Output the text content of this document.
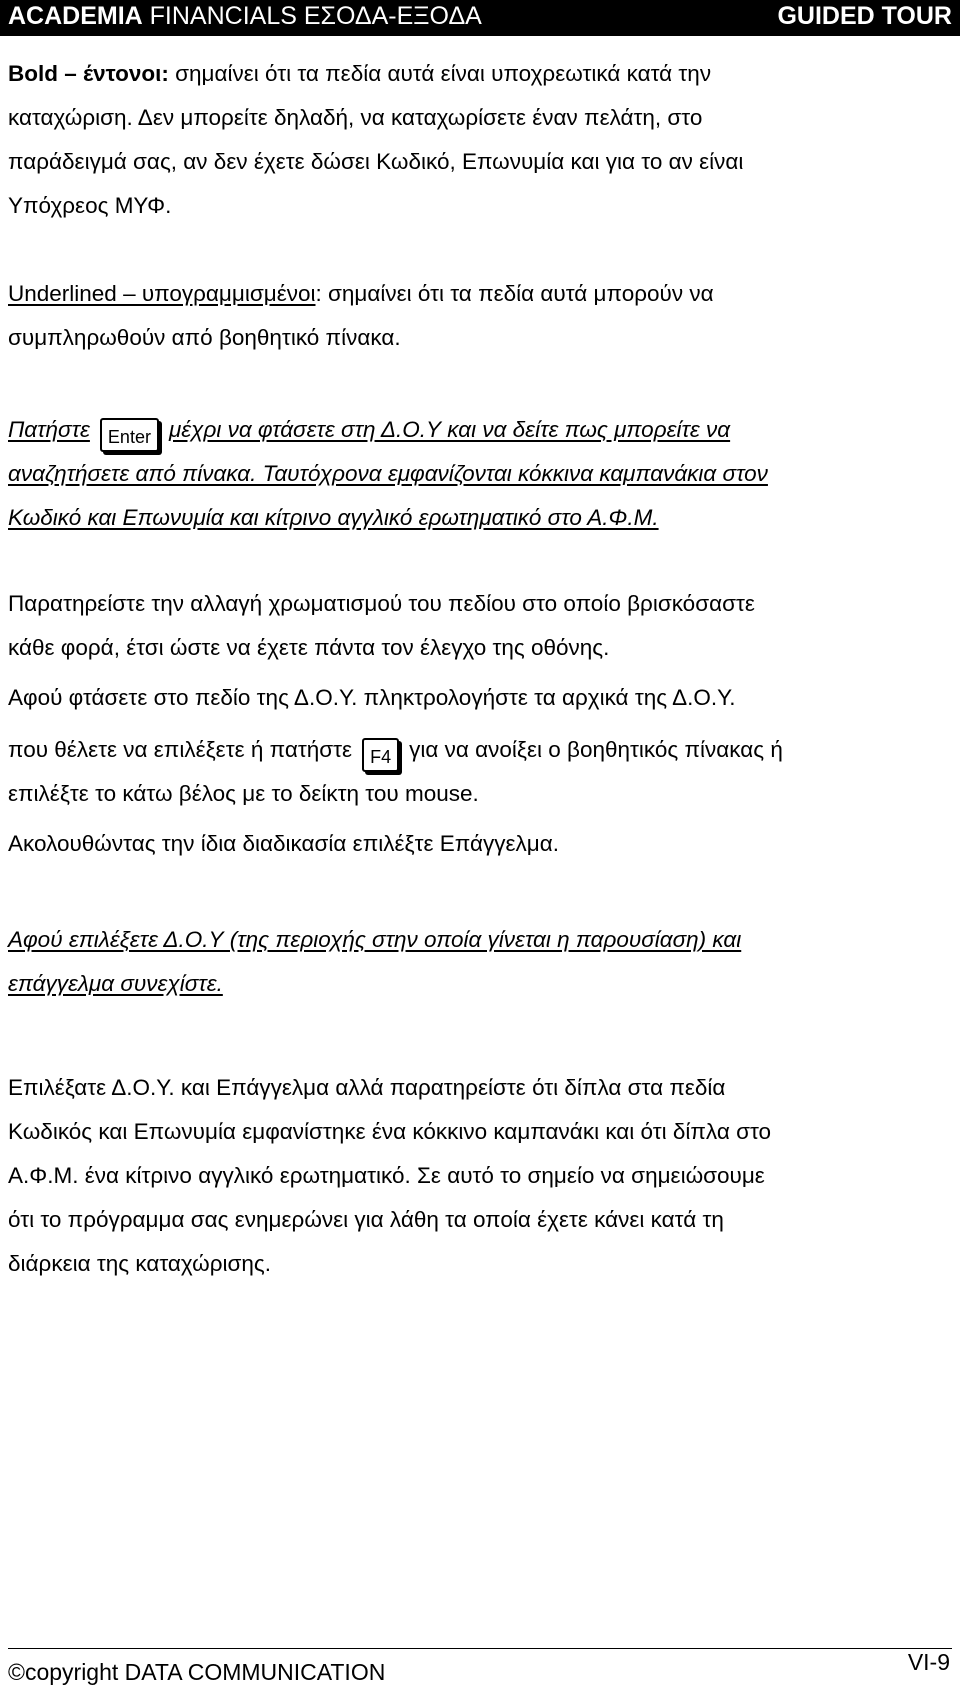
ACADEMIA FINANCIALS ΕΣΟΔΑ-ΕΞΟΔΑ	GUIDED TOUR
Bold – έντονοι: σημαίνει ότι τα πεδία αυτά είναι υποχρεωτικά κατά την
καταχώριση. Δεν μπορείτε δηλαδή, να καταχωρίσετε έναν πελάτη, στο
παράδειγμά σας, αν δεν έχετε δώσει Κωδικό, Επωνυμία και για το αν είναι
Υπόχρεος ΜΥΦ.
Underlined – υπογραμμισμένοι: σημαίνει ότι τα πεδία αυτά μπορούν να
συμπληρωθούν από βοηθητικό πίνακα.
Πατήστε Enter μέχρι να φτάσετε στη Δ.Ο.Υ και να δείτε πως μπορείτε να
αναζητήσετε από πίνακα. Ταυτόχρονα εμφανίζονται κόκκινα καμπανάκια στον
Κωδικό και Επωνυμία και κίτρινο αγγλικό ερωτηματικό στο Α.Φ.Μ.
Παρατηρείστε την αλλαγή χρωματισμού του πεδίου στο οποίο βρισκόσαστε
κάθε φορά, έτσι ώστε να έχετε πάντα τον έλεγχο της οθόνης.
Αφού φτάσετε στο πεδίο της Δ.Ο.Υ. πληκτρολογήστε τα αρχικά της Δ.Ο.Υ.
που θέλετε να επιλέξετε ή πατήστε F4 για να ανοίξει ο βοηθητικός πίνακας ή
επιλέξτε το κάτω βέλος με το δείκτη του mouse.
Ακολουθώντας την ίδια διαδικασία επιλέξτε Επάγγελμα.
Αφού επιλέξετε Δ.Ο.Υ (της περιοχής στην οποία γίνεται η παρουσίαση) και
επάγγελμα συνεχίστε.
Επιλέξατε Δ.Ο.Υ. και Επάγγελμα αλλά παρατηρείστε ότι δίπλα στα πεδία
Κωδικός και Επωνυμία εμφανίστηκε ένα κόκκινο καμπανάκι και ότι δίπλα στο
Α.Φ.Μ. ένα κίτρινο αγγλικό ερωτηματικό. Σε αυτό το σημείο να σημειώσουμε
ότι το πρόγραμμα σας ενημερώνει για λάθη τα οποία έχετε κάνει κατά τη
διάρκεια της καταχώρισης.
©copyright DATA COMMUNICATION	VI-9
